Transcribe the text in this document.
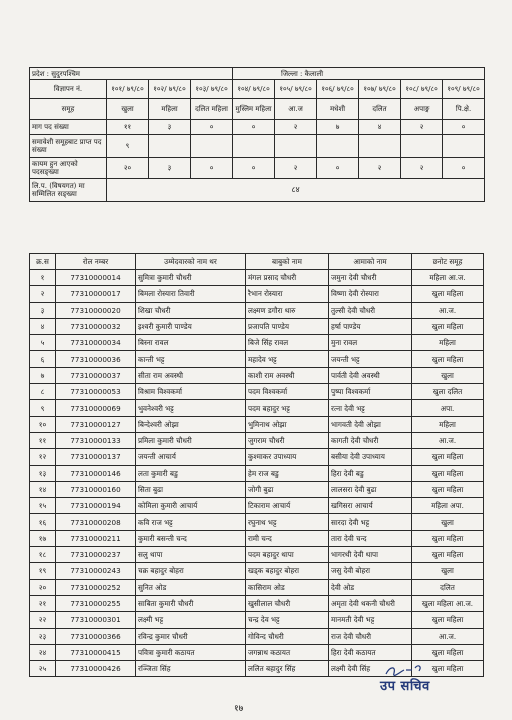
प्रदेश : सुदुरपश्चिम				जिल्ला : कैलाली					
विज्ञापन नं.	१०१/ ७९/८०	१०२/ ७९/८०	१०३/ ७९/८०	१०४/ ७९/८०	१०५/ ७९/८०	१०६/ ७९/८०	१०७/ ७९/८०	१०८/ ७९/८०	१०९/ ७९/८०
समूह	खुला	महिला	दलित महिला	मुस्लिम महिला	आ.ज	मधेशी	दलित	अपाङ्ग	पि.क्षे.
माग पद संख्या	११	३	०	०	२	७	४	२	०
समावेशी समूहबाट प्राप्त पद संख्या	९								
कायम हुन आएको पदसङ्ख्या	२०	३	०	०	२	०	२	२	०
लि.प. (विषयगत) मा सम्मिलित सङ्ख्या	८४								
क्र.स	रोल नम्बर	उम्मेदवारको नाम थर	बाबुको नाम	आमाको नाम	छनोट समूह
१	77310000014	सुमित्रा कुमारी चौधरी	मंगल प्रसाद चौधरी	जमुना देवी चौधरी	महिला आ.ज.
२	77310000017	बिमला रोस्यारा तिवारी	रैभान रोस्यारा	विष्णा देवी रोस्यारा	खुला महिला
३	77310000020	शिखा चौधरी	लक्ष्मण डगौरा थारु	तुल्सी देवी चौधरी	आ.ज.
४	77310000032	इश्वरी कुमारी पाण्डेय	प्रजापति पाण्डेय	हर्षा पाण्डेय	खुला महिला
५	77310000034	बिस्ना रावल	बिजे सिंह रावल	मुना रावल	महिला
६	77310000036	कान्ती भट्ट	महादेव भट्ट	जयन्ती भट्ट	खुला महिला
७	77310000037	सीता राम अवस्थी	काशी राम अवस्थी	पार्वती देवी अवस्थी	खुला
८	77310000053	विश्राम विश्वकर्मा	पदम विश्वकर्मा	पुष्पा विश्वकर्मा	खुला दलित
९	77310000069	भुवनेश्वरी भट्ट	पदम बहादुर भट्ट	रत्ना देवी भट्ट	अपा.
१०	77310000127	बिन्देश्वरी ओझा	भुमिनाथ ओझा	भागवती देवी ओझा	महिला
११	77310000133	प्रमिला कुमारी चौधरी	जुगराम चौधरी	कागती देवी चौधरी	आ.ज.
१२	77310000137	जयन्ती आचार्य	कुश्माकर उपाध्याय	बसीया देवी उपाध्याय	खुला महिला
१३	77310000146	लता कुमारी बडु	हेम राज बडु	हिरा देवी बडु	खुला महिला
१४	77310000160	सिता बुढा	जोगी बुढा	लालसरा देवी बुढा	खुला महिला
१५	77310000194	कोमिला कुमारी आचार्य	टिकाराम आचार्य	खगिसरा आचार्य	महिला अपा.
१६	77310000208	कवि राज भट्ट	रघुनाथ भट्ट	सारदा देवी भट्ट	खुला
१७	77310000211	कुमारी बसन्ती चन्द	रामी चन्द	तारा देवी चन्द	खुला महिला
१८	77310000237	सलु थापा	पदम बहादुर थापा	भागरथी देवी थापा	खुला महिला
१९	77310000243	चक्र बहादुर बोहरा	खड्क बहादुर बोहरा	जसु देवी बोहरा	खुला
२०	77310000252	सुनित ओड	कासिराम ओड	देवी ओड	दलित
२१	77310000255	साबिता कुमारी चौधरी	खुसीलाल चौधरी	अमृता देवी थकनी चौधरी	खुला महिला आ.ज.
२२	77310000301	लक्ष्मी भट्ट	चन्द्र देव भट्ट	मानमती देवी भट्ट	खुला महिला
२३	77310000366	रविन्द्र कुमार चौधरी	गोविन्द चौधरी	राज देवी चौधरी	आ.ज.
२४	77310000415	पवित्रा कुमारी कठायत	जगन्नाथ कठायत	हिरा देवी कठायत	खुला महिला
२५	77310000426	रञ्जिता सिंह	ललित बहादुर सिंह	लक्ष्मी देवी सिंह	खुला महिला
उप सचिव
१७
